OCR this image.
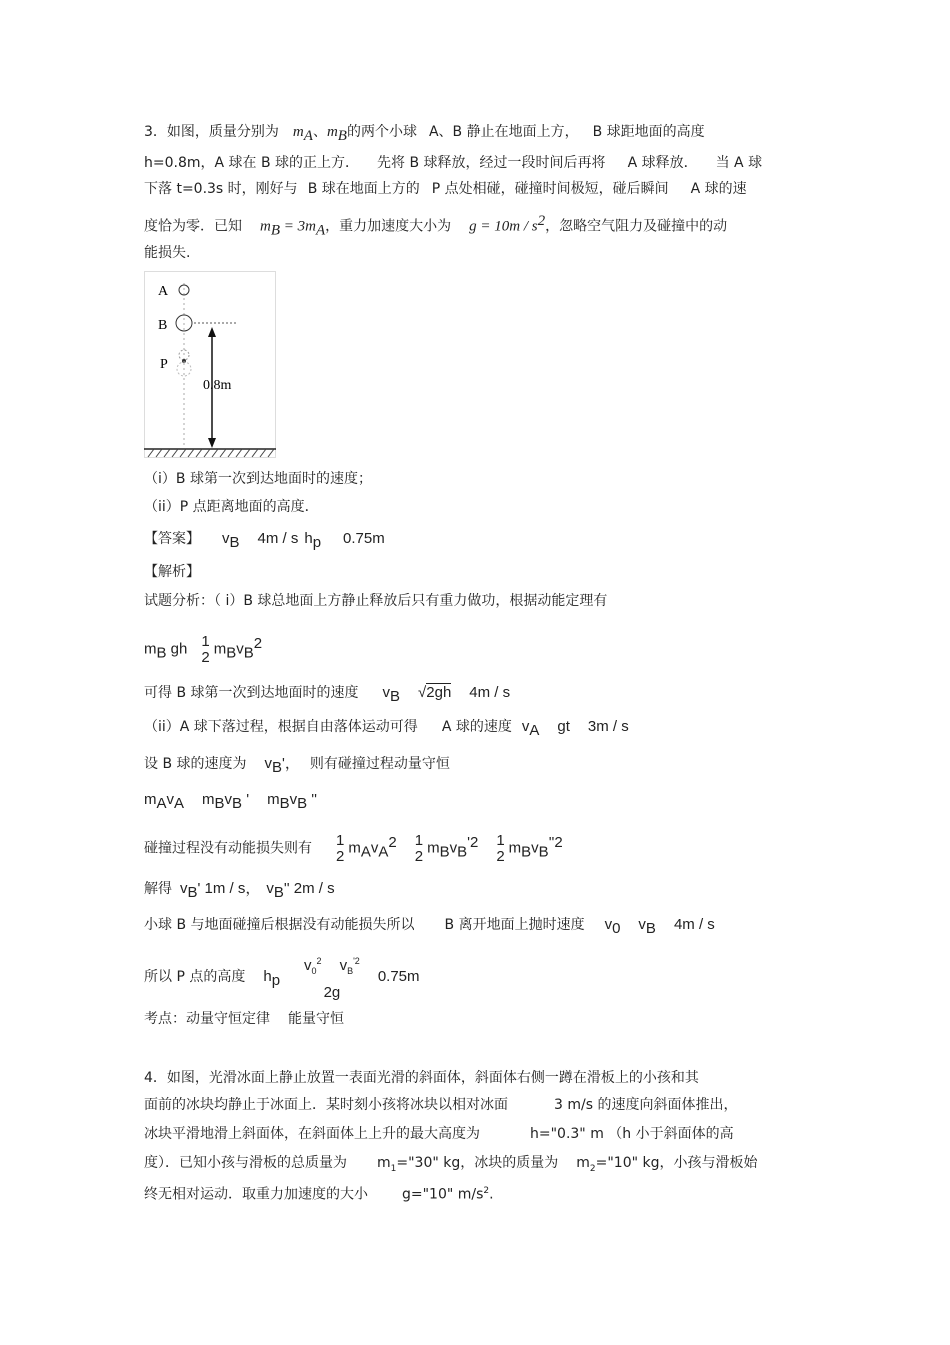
3．如图，质量分别为 $m_A$、$m_B$的两个小球 A、B 静止在地面上方， B 球距地面的高度
h=0.8m，A 球在 B 球的正上方． 先将 B 球释放，经过一段时间后再将 A 球释放． 当 A 球
下落 t=0.3s 时，刚好与 B 球在地面上方的 P 点处相碰，碰撞时间极短，碰后瞬间 A 球的速
度恰为零．已知 $m_B = 3m_A$，重力加速度大小为 $g = 10m / s^2$，忽略空气阻力及碰撞中的动
能损失.
A
B
P
0.8m
（i）B 球第一次到达地面时的速度；
（ii）P 点距离地面的高度．
【答案】 $v_B$ 4m / s $h_p$ 0.75m
【解析】
试题分析：（ i）B 球总地面上方静止释放后只有重力做功，根据动能定理有
$m_B$ gh 1
2 $m_Bv_B^2$
可得 B 球第一次到达地面时的速度 $v_B$ √2gh 4m / s
（ii）A 球下落过程，根据自由落体运动可得 A 球的速度 $v_A$ gt 3m / s
设 B 球的速度为 $v_B'$， 则有碰撞过程动量守恒
$m_Av_A$ $m_Bv_B$ ' $m_Bv_B$ ''
碰撞过程没有动能损失则有 1
2 $m_Av_A^2$ 1
2 $m_Bv_B^{'2}$ 1
2 $m_Bv_B^{''2}$
解得 $v_B'$ 1m / s， $v_B''$ 2m / s
小球 B 与地面碰撞后根据没有动能损失所以 B 离开地面上抛时速度 $v_0$ $v_B$ 4m / s
所以 P 点的高度 $h_p$
$v_0^2$ $v_B^{'2}$
2g
0.75m
考点：动量守恒定律 能量守恒
4．如图，光滑冰面上静止放置一表面光滑的斜面体，斜面体右侧一蹲在滑板上的小孩和其
面前的冰块均静止于冰面上．某时刻小孩将冰块以相对冰面	3 m/s 的速度向斜面体推出，
冰块平滑地滑上斜面体，在斜面体上上升的最大高度为	h="0.3" m （h 小于斜面体的高
度）．已知小孩与滑板的总质量为 $m_1="30$" kg，冰块的质量为 $m_2="10$" kg，小孩与滑板始
终无相对运动．取重力加速度的大小 g="10" $m/s^2$.
